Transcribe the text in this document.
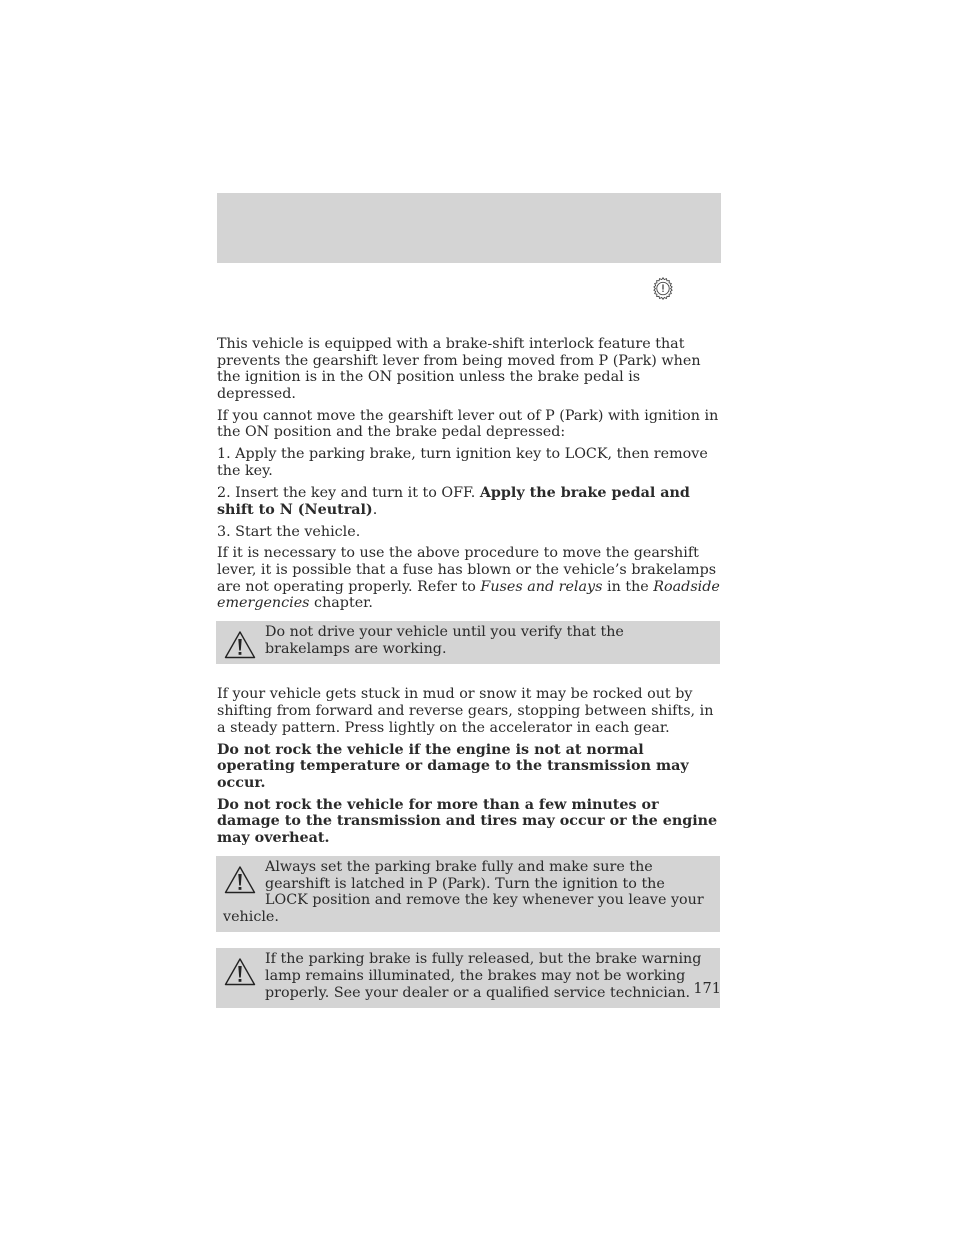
This vehicle is equipped with a brake-shift interlock feature that prevents the gearshift lever from being moved from P (Park) when the ignition is in the ON position unless the brake pedal is depressed.

If you cannot move the gearshift lever out of P (Park) with ignition in the ON position and the brake pedal depressed:

1. Apply the parking brake, turn ignition key to LOCK, then remove the key.

2. Insert the key and turn it to OFF. Apply the brake pedal and shift to N (Neutral).

3. Start the vehicle.

If it is necessary to use the above procedure to move the gearshift lever, it is possible that a fuse has blown or the vehicle’s brakelamps are not operating properly. Refer to Fuses and relays in the Roadside emergencies chapter.

Do not drive your vehicle until you verify that the brakelamps are working.

If your vehicle gets stuck in mud or snow it may be rocked out by shifting from forward and reverse gears, stopping between shifts, in a steady pattern. Press lightly on the accelerator in each gear.

Do not rock the vehicle if the engine is not at normal operating temperature or damage to the transmission may occur.

Do not rock the vehicle for more than a few minutes or damage to the transmission and tires may occur or the engine may overheat.

Always set the parking brake fully and make sure the gearshift is latched in P (Park). Turn the ignition to the LOCK position and remove the key whenever you leave your vehicle.
If the parking brake is fully released, but the brake warning lamp remains illuminated, the brakes may not be working properly. See your dealer or a qualified service technician. 171
